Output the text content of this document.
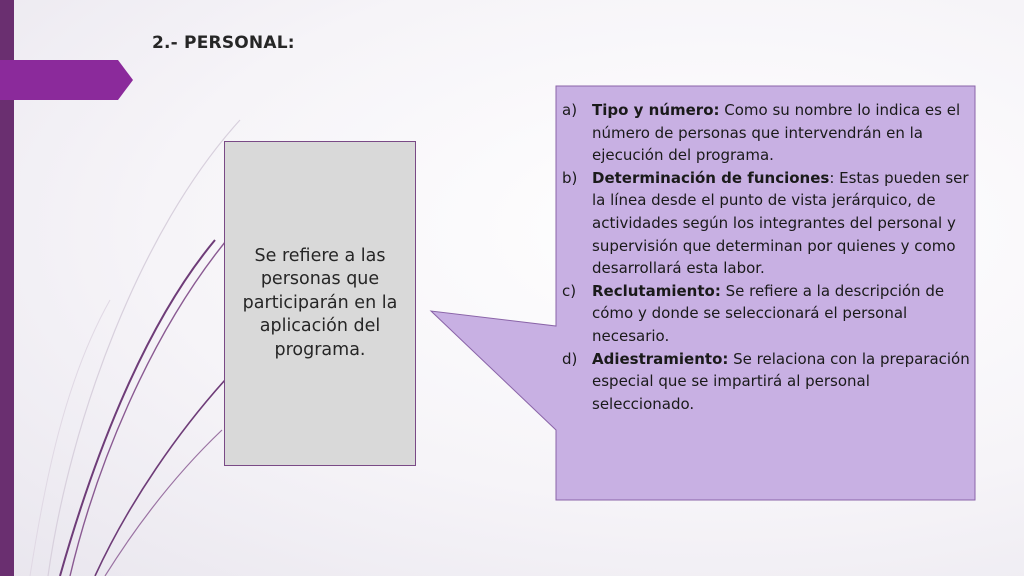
2.- PERSONAL:
Se refiere a las personas que participarán en la aplicación del programa.
a) Tipo y número: Como su nombre lo indica es el número de personas que intervendrán en la ejecución del programa.
b) Determinación de funciones: Estas pueden ser la línea desde el punto de vista jerárquico, de actividades según los integrantes del personal y supervisión que determinan por quienes y como desarrollará esta labor.
c) Reclutamiento: Se refiere a la descripción de cómo y donde se seleccionará el personal necesario.
d) Adiestramiento: Se relaciona con la preparación especial que se impartirá al personal seleccionado.
